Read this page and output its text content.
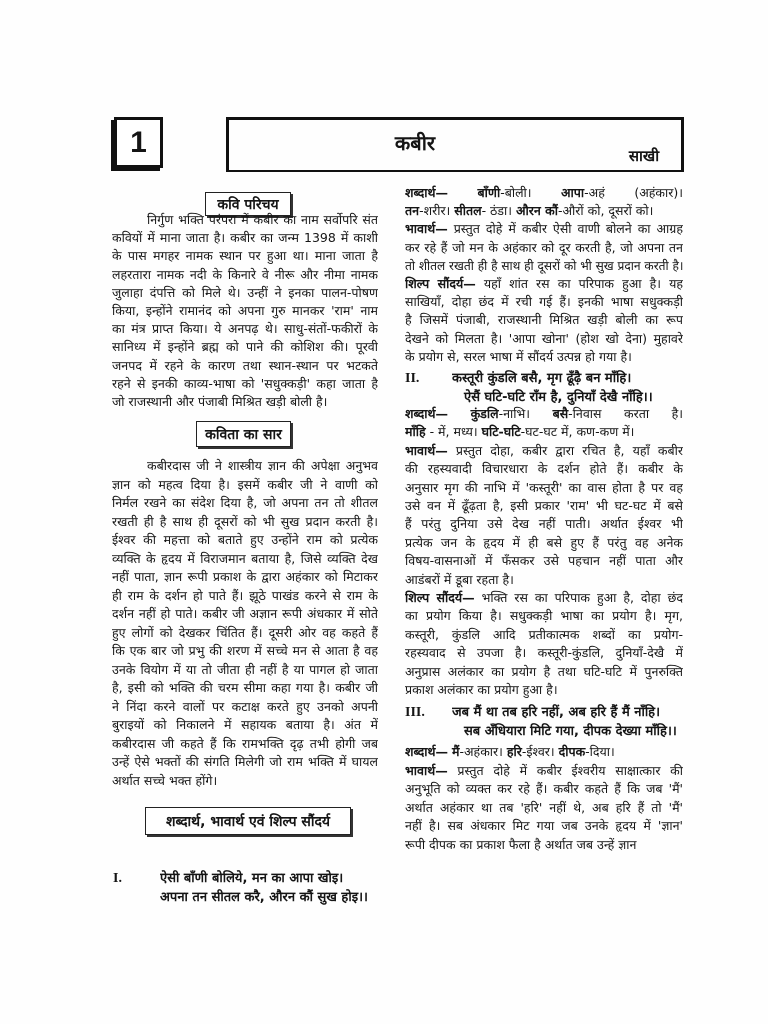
1	कबीर
साखी
कवि परिचय
निर्गुण भक्ति परंपरा में कबीर का नाम सर्वोपरि संत
कवियों में माना जाता है। कबीर का जन्म 1398 में काशी
के पास मगहर नामक स्थान पर हुआ था। माना जाता है
लहरतारा नामक नदी के किनारे वे नीरू और नीमा नामक
जुलाहा दंपत्ति को मिले थे। उन्हीं ने इनका पालन-पोषण
किया, इन्होंने रामानंद को अपना गुरु मानकर 'राम' नाम
का मंत्र प्राप्त किया। ये अनपढ़ थे। साधु-संतों-फकीरों के
सानिध्य में इन्होंने ब्रह्म को पाने की कोशिश की। पूरवी
जनपद में रहने के कारण तथा स्थान-स्थान पर भटकते
रहने से इनकी काव्य-भाषा को 'सधुक्कड़ी' कहा जाता है
जो राजस्थानी और पंजाबी मिश्रित खड़ी बोली है।
कविता का सार
कबीरदास जी ने शास्त्रीय ज्ञान की अपेक्षा अनुभव
ज्ञान को महत्व दिया है। इसमें कबीर जी ने वाणी को
निर्मल रखने का संदेश दिया है, जो अपना तन तो शीतल
रखती ही है साथ ही दूसरों को भी सुख प्रदान करती है।
ईश्वर की महत्ता को बताते हुए उन्होंने राम को प्रत्येक
व्यक्ति के हृदय में विराजमान बताया है, जिसे व्यक्ति देख
नहीं पाता, ज्ञान रूपी प्रकाश के द्वारा अहंकार को मिटाकर
ही राम के दर्शन हो पाते हैं। झूठे पाखंड करने से राम के
दर्शन नहीं हो पाते। कबीर जी अज्ञान रूपी अंधकार में सोते
हुए लोगों को देखकर चिंतित हैं। दूसरी ओर वह कहते हैं
कि एक बार जो प्रभु की शरण में सच्चे मन से आता है वह
उनके वियोग में या तो जीता ही नहीं है या पागल हो जाता
है, इसी को भक्ति की चरम सीमा कहा गया है। कबीर जी
ने निंदा करने वालों पर कटाक्ष करते हुए उनको अपनी
बुराइयों को निकालने में सहायक बताया है। अंत में
कबीरदास जी कहते हैं कि रामभक्ति दृढ़ तभी होगी जब
उन्हें ऐसे भक्तों की संगति मिलेगी जो राम भक्ति में घायल
अर्थात सच्चे भक्त होंगे।
शब्दार्थ, भावार्थ एवं शिल्प सौंदर्य
I.	ऐसी बाँणी बोलिये, मन का आपा खोइ।
अपना तन सीतल करै, औरन कौं सुख होइ।।
शब्दार्थ— बाँणी-बोली। आपा-अहं (अहंकार)।
तन-शरीर। सीतल- ठंडा। औरन कौं-औरों को, दूसरों को।
भावार्थ— प्रस्तुत दोहे में कबीर ऐसी वाणी बोलने का आग्रह
कर रहे हैं जो मन के अहंकार को दूर करती है, जो अपना तन
तो शीतल रखती ही है साथ ही दूसरों को भी सुख प्रदान करती है।
शिल्प सौंदर्य— यहाँ शांत रस का परिपाक हुआ है। यह
साखियाँ, दोहा छंद में रची गई हैं। इनकी भाषा सधुक्कड़ी
है जिसमें पंजाबी, राजस्थानी मिश्रित खड़ी बोली का रूप
देखने को मिलता है। 'आपा खोना' (होश खो देना) मुहावरे
के प्रयोग से, सरल भाषा में सौंदर्य उत्पन्न हो गया है।
II.	कस्तूरी कुंडलि बसै, मृग ढूँढ़ै बन माँहि।
ऐसैं घटि-घटि राँम है, दुनियाँ देखै नाँहि।।
शब्दार्थ— कुंडलि-नाभि। बसै-निवास करता है।
माँहि - में, मध्य। घटि-घटि-घट-घट में, कण-कण में।
भावार्थ— प्रस्तुत दोहा, कबीर द्वारा रचित है, यहाँ कबीर
की रहस्यवादी विचारधारा के दर्शन होते हैं। कबीर के
अनुसार मृग की नाभि में 'कस्तूरी' का वास होता है पर वह
उसे वन में ढूँढ़ता है, इसी प्रकार 'राम' भी घट-घट में बसे
हैं परंतु दुनिया उसे देख नहीं पाती। अर्थात ईश्वर भी
प्रत्येक जन के हृदय में ही बसे हुए हैं परंतु वह अनेक
विषय-वासनाओं में फँसकर उसे पहचान नहीं पाता और
आडंबरों में डूबा रहता है।
शिल्प सौंदर्य— भक्ति रस का परिपाक हुआ है, दोहा छंद
का प्रयोग किया है। सधुक्कड़ी भाषा का प्रयोग है। मृग,
कस्तूरी, कुंडलि आदि प्रतीकात्मक शब्दों का प्रयोग-
रहस्यवाद से उपजा है। कस्तूरी-कुंडलि, दुनियाँ-देखै में
अनुप्रास अलंकार का प्रयोग है तथा घटि-घटि में पुनरुक्ति
प्रकाश अलंकार का प्रयोग हुआ है।
III.	जब मैं था तब हरि नहीं, अब हरि हैं मैं नाँहि।
सब अँधियारा मिटि गया, दीपक देख्या माँहि।।
शब्दार्थ— मैं-अहंकार। हरि-ईश्वर। दीपक-दिया।
भावार्थ— प्रस्तुत दोहे में कबीर ईश्वरीय साक्षात्कार की
अनुभूति को व्यक्त कर रहे हैं। कबीर कहते हैं कि जब 'मैं'
अर्थात अहंकार था तब 'हरि' नहीं थे, अब हरि हैं तो 'मैं'
नहीं है। सब अंधकार मिट गया जब उनके हृदय में 'ज्ञान'
रूपी दीपक का प्रकाश फैला है अर्थात जब उन्हें ज्ञान
